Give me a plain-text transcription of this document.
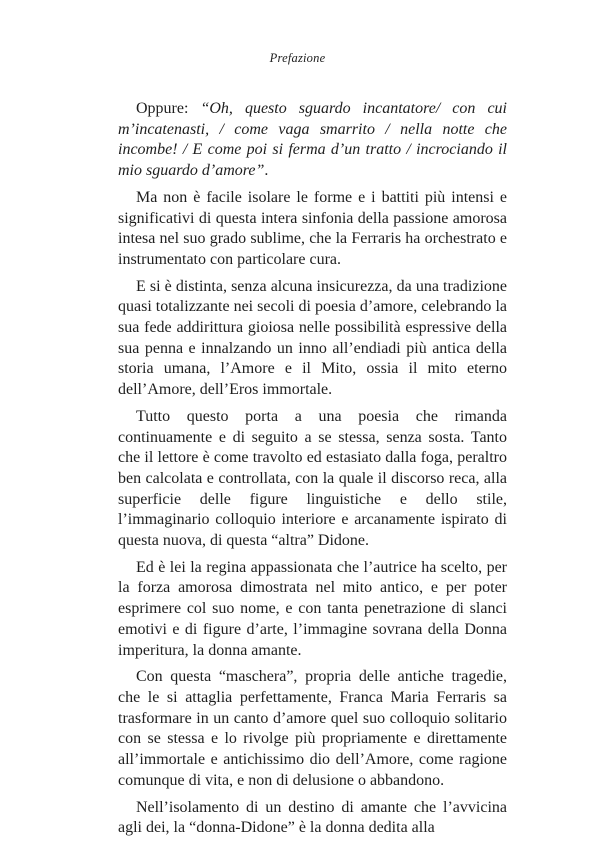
Prefazione

Oppure: “Oh, questo sguardo incantatore/ con cui m’incatenasti, / come vaga smarrito / nella notte che incombe! / E come poi si ferma d’un tratto / incrociando il mio sguardo d’amore”.

Ma non è facile isolare le forme e i battiti più intensi e significativi di questa intera sinfonia della passione amorosa intesa nel suo grado sublime, che la Ferraris ha orchestrato e instrumentato con particolare cura.

E si è distinta, senza alcuna insicurezza, da una tradizione quasi totalizzante nei secoli di poesia d’amore, celebrando la sua fede addirittura gioiosa nelle possibilità espressive della sua penna e innalzando un inno all’endiadi più antica della storia umana, l’Amore e il Mito, ossia il mito eterno dell’Amore, dell’Eros immortale.

Tutto questo porta a una poesia che rimanda continuamente e di seguito a se stessa, senza sosta. Tanto che il lettore è come travolto ed estasiato dalla foga, peraltro ben calcolata e controllata, con la quale il discorso reca, alla superficie delle figure linguistiche e dello stile, l’immaginario colloquio interiore e arcanamente ispirato di questa nuova, di questa “altra” Didone.

Ed è lei la regina appassionata che l’autrice ha scelto, per la forza amorosa dimostrata nel mito antico, e per poter esprimere col suo nome, e con tanta penetrazione di slanci emotivi e di figure d’arte, l’immagine sovrana della Donna imperitura, la donna amante.

Con questa “maschera”, propria delle antiche tragedie, che le si attaglia perfettamente, Franca Maria Ferraris sa trasformare in un canto d’amore quel suo colloquio solitario con se stessa e lo rivolge più propriamente e direttamente all’immortale e antichissimo dio dell’Amore, come ragione comunque di vita, e non di delusione o abbandono.

Nell’isolamento di un destino di amante che l’avvicina agli dei, la “donna-Didone” è la donna dedita alla
